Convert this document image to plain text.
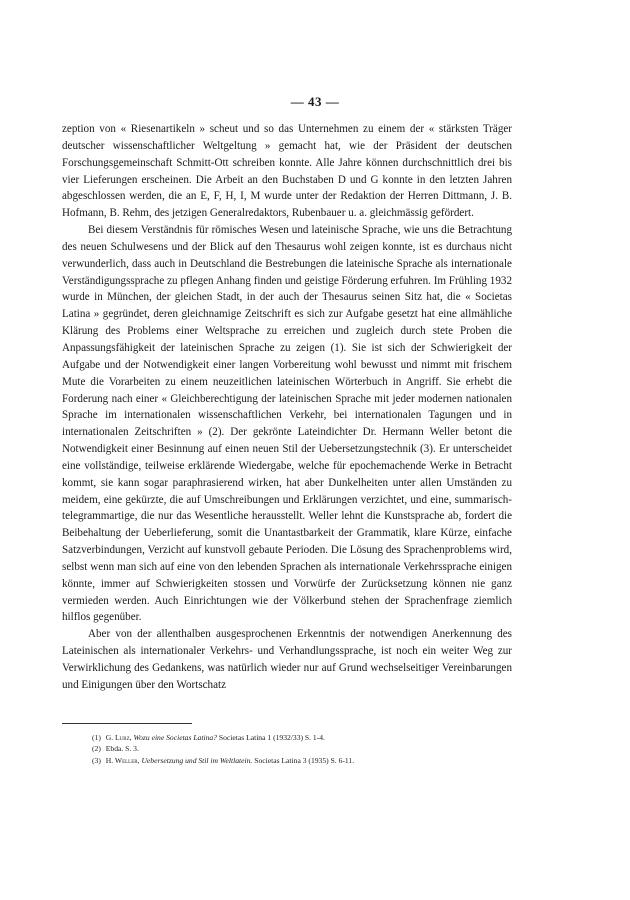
— 43 —

zeption von « Riesenartikeln » scheut und so das Unternehmen zu einem der « stärksten Träger deutscher wissenschaftlicher Weltgeltung » gemacht hat, wie der Präsident der deutschen Forschungsgemeinschaft Schmitt-Ott schreiben konnte. Alle Jahre können durchschnittlich drei bis vier Lieferungen erscheinen. Die Arbeit an den Buchstaben D und G konnte in den letzten Jahren abgeschlossen werden, die an E, F, H, I, M wurde unter der Redaktion der Herren Dittmann, J. B. Hofmann, B. Rehm, des jetzigen Generalredaktors, Rubenbauer u. a. gleichmässig gefördert.

Bei diesem Verständnis für römisches Wesen und lateinische Sprache, wie uns die Betrachtung des neuen Schulwesens und der Blick auf den Thesaurus wohl zeigen konnte, ist es durchaus nicht verwunderlich, dass auch in Deutschland die Bestrebungen die lateinische Sprache als internationale Verständigungssprache zu pflegen Anhang finden und geistige Förderung erfuhren. Im Frühling 1932 wurde in München, der gleichen Stadt, in der auch der Thesaurus seinen Sitz hat, die « Societas Latina » gegründet, deren gleichnamige Zeitschrift es sich zur Aufgabe gesetzt hat eine allmähliche Klärung des Problems einer Weltsprache zu erreichen und zugleich durch stete Proben die Anpassungsfähigkeit der lateinischen Sprache zu zeigen (1). Sie ist sich der Schwierigkeit der Aufgabe und der Notwendigkeit einer langen Vorbereitung wohl bewusst und nimmt mit frischem Mute die Vorarbeiten zu einem neuzeitlichen lateinischen Wörterbuch in Angriff. Sie erhebt die Forderung nach einer « Gleichberechtigung der lateinischen Sprache mit jeder modernen nationalen Sprache im internationalen wissenschaftlichen Verkehr, bei internationalen Tagungen und in internationalen Zeitschriften » (2). Der gekrönte Lateindichter Dr. Hermann Weller betont die Notwendigkeit einer Besinnung auf einen neuen Stil der Uebersetzungstechnik (3). Er unterscheidet eine vollständige, teilweise erklärende Wiedergabe, welche für epochemachende Werke in Betracht kommt, sie kann sogar paraphrasierend wirken, hat aber Dunkelheiten unter allen Umständen zu meidem, eine gekürzte, die auf Umschreibungen und Erklärungen verzichtet, und eine, summarisch-telegrammartige, die nur das Wesentliche herausstellt. Weller lehnt die Kunstsprache ab, fordert die Beibehaltung der Ueberlieferung, somit die Unantastbarkeit der Grammatik, klare Kürze, einfache Satzverbindungen, Verzicht auf kunstvoll gebaute Perioden. Die Lösung des Sprachenproblems wird, selbst wenn man sich auf eine von den lebenden Sprachen als internationale Verkehrssprache einigen könnte, immer auf Schwierigkeiten stossen und Vorwürfe der Zurücksetzung können nie ganz vermieden werden. Auch Einrichtungen wie der Völkerbund stehen der Sprachenfrage ziemlich hilflos gegenüber.

Aber von der allenthalben ausgesprochenen Erkenntnis der notwendigen Anerkennung des Lateinischen als internationaler Verkehrs- und Verhandlungssprache, ist noch ein weiter Weg zur Verwirklichung des Gedankens, was natürlich wieder nur auf Grund wechselseitiger Vereinbarungen und Einigungen über den Wortschatz

(1) G. Lurz, Wozu eine Societas Latina? Societas Latina 1 (1932/33) S. 1-4.

(2) Ebda. S. 3.

(3) H. Weller, Uebersetzung und Stil im Weltlatein. Societas Latina 3 (1935) S. 6-11.
